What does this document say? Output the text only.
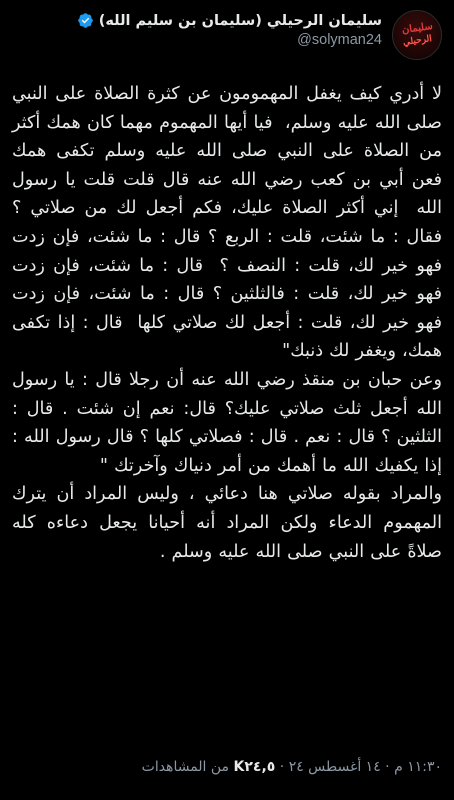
سليمان
الرحيلي
سليمان الرحيلي (سليمان بن سليم الله)
@solyman24
لا أدري كيف يغفل المهمومون عن كثرة الصلاة على النبي صلى الله عليه وسلم،  فيا أيها المهموم مهما كان همك أكثر من الصلاة على النبي صلى الله عليه وسلم تكفى همك فعن أبي بن كعب رضي الله عنه قال قلت قلت يا رسول الله  إني أكثر الصلاة عليك، فكم أجعل لك من صلاتي ؟ فقال : ما شئت، قلت : الربع ؟ قال : ما شئت، فإن زدت فهو خير لك، قلت : النصف ؟  قال : ما شئت، فإن زدت فهو خير لك، قلت : فالثلثين ؟ قال : ما شئت، فإن زدت فهو خير لك، قلت : أجعل لك صلاتي كلها  قال : إذا تكفى همك، ويغفر لك ذنبك"
وعن حبان بن منقذ رضي الله عنه أن رجلا قال : يا رسول الله أجعل ثلث صلاتي عليك؟ قال: نعم إن شئت . قال : الثلثين ؟ قال : نعم . قال : فصلاتي كلها ؟ قال رسول الله : إذا يكفيك الله ما أهمك من أمر دنياك وآخرتك "
والمراد بقوله صلاتي هنا دعائي ، وليس المراد أن يترك المهموم الدعاء ولكن المراد أنه أحيانا يجعل دعاءه كله صلاةً على النبي صلى الله عليه وسلم .
١١:٣٠ م · ١٤ أغسطس ٢٤ · K٢٤,٥ من المشاهدات
